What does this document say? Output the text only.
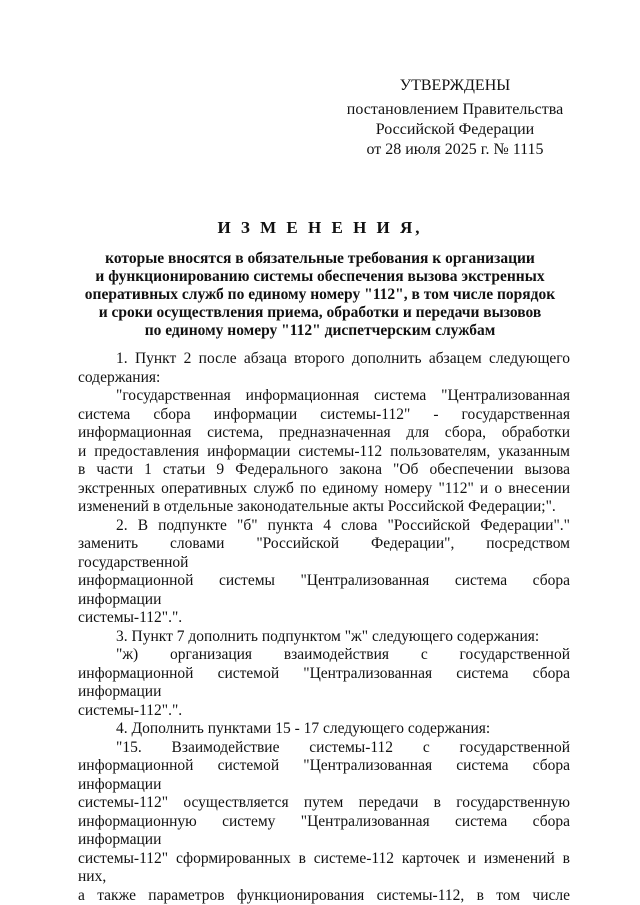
УТВЕРЖДЕНЫ
постановлением Правительства
Российской Федерации
от 28 июля 2025 г. № 1115
И З М Е Н Е Н И Я,
которые вносятся в обязательные требования к организации
и функционированию системы обеспечения вызова экстренных
оперативных служб по единому номеру "112", в том числе порядок
и сроки осуществления приема, обработки и передачи вызовов
по единому номеру "112" диспетчерским службам
1. Пункт 2 после абзаца второго дополнить абзацем следующего
содержания:
"государственная информационная система "Централизованная
система сбора информации системы-112" - государственная
информационная система, предназначенная для сбора, обработки
и предоставления информации системы-112 пользователям, указанным
в части 1 статьи 9 Федерального закона "Об обеспечении вызова
экстренных оперативных служб по единому номеру "112" и о внесении
изменений в отдельные законодательные акты Российской Федерации;".
2. В подпункте "б" пункта 4 слова "Российской Федерации"."
заменить словами "Российской Федерации", посредством государственной
информационной системы "Централизованная система сбора информации
системы-112".".
3. Пункт 7 дополнить подпунктом "ж" следующего содержания:
"ж) организация взаимодействия с государственной
информационной системой "Централизованная система сбора информации
системы-112".".
4. Дополнить пунктами 15 - 17 следующего содержания:
"15. Взаимодействие системы-112 с государственной
информационной системой "Централизованная система сбора информации
системы-112" осуществляется путем передачи в государственную
информационную систему "Централизованная система сбора информации
системы-112" сформированных в системе-112 карточек и изменений в них,
а также параметров функционирования системы-112, в том числе
